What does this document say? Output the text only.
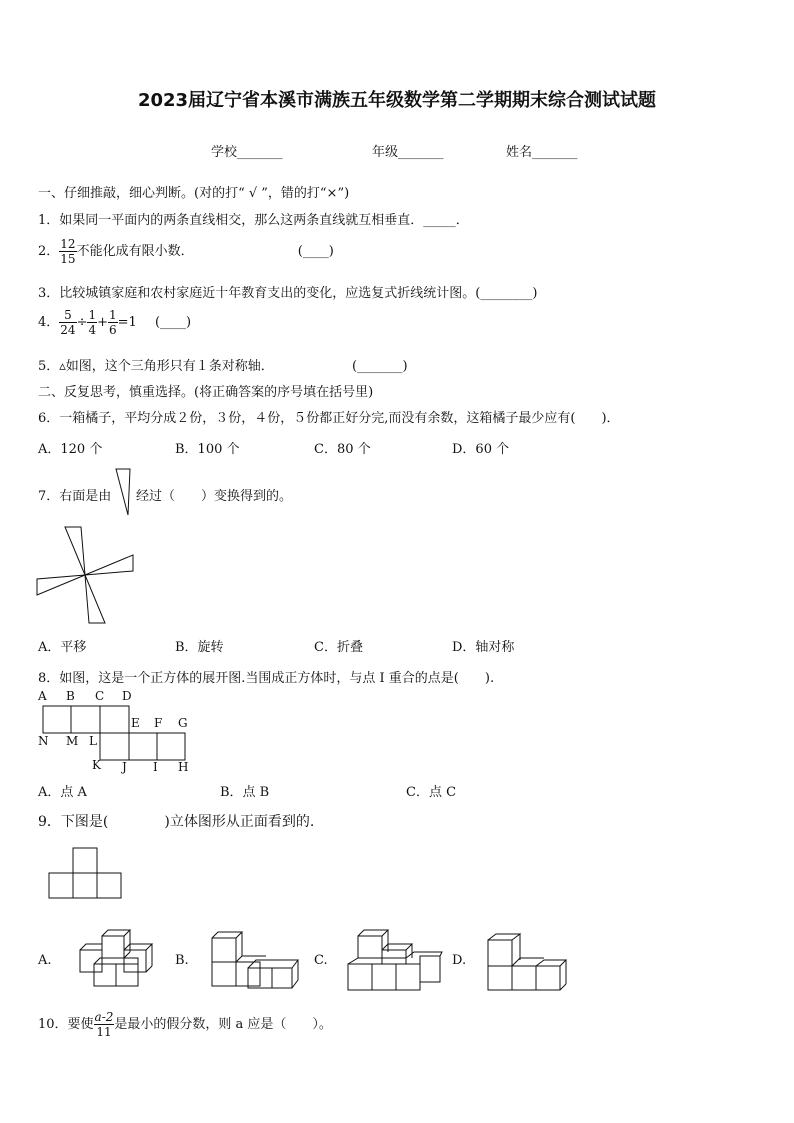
2023届辽宁省本溪市满族五年级数学第二学期期末综合测试试题
学校_______	年级_______	姓名_______
一、仔细推敲，细心判断。(对的打“ √ ”，错的打“×”)
1．如果同一平面内的两条直线相交，那么这两条直线就互相垂直．_____．
2． $\frac{12}{15}$ 不能化成有限小数．	(____)
3．比较城镇家庭和农村家庭近十年教育支出的变化，应选复式折线统计图。(________)
4． $\frac{5}{24} \div \frac{1}{4} + \frac{1}{6} =1$ (____)
5．▵如图，这个三角形只有１条对称轴．	(_______)
二、反复思考，慎重选择。(将正确答案的序号填在括号里)
6．一箱橘子，平均分成２份，３份，４份，５份都正好分完,而没有余数，这箱橘子最少应有(　　)．
A．120 个	B．100 个	C．80 个	D．60 个
7．右面是由 经过（　　）变换得到的。
A．平移	B．旋转	C．折叠	D．轴对称
8．如图，这是一个正方体的展开图.当围成正方体时，与点 I 重合的点是(　　).
A B C D
E F G
N M L
K J I H
A．点 A	B．点 B	C．点 C
9．下图是(　　　　)立体图形从正面看到的.
A.	B.	C.	D.
10．要使 $\frac{a-2}{11}$ 是最小的假分数，则 a 应是（　　）。
